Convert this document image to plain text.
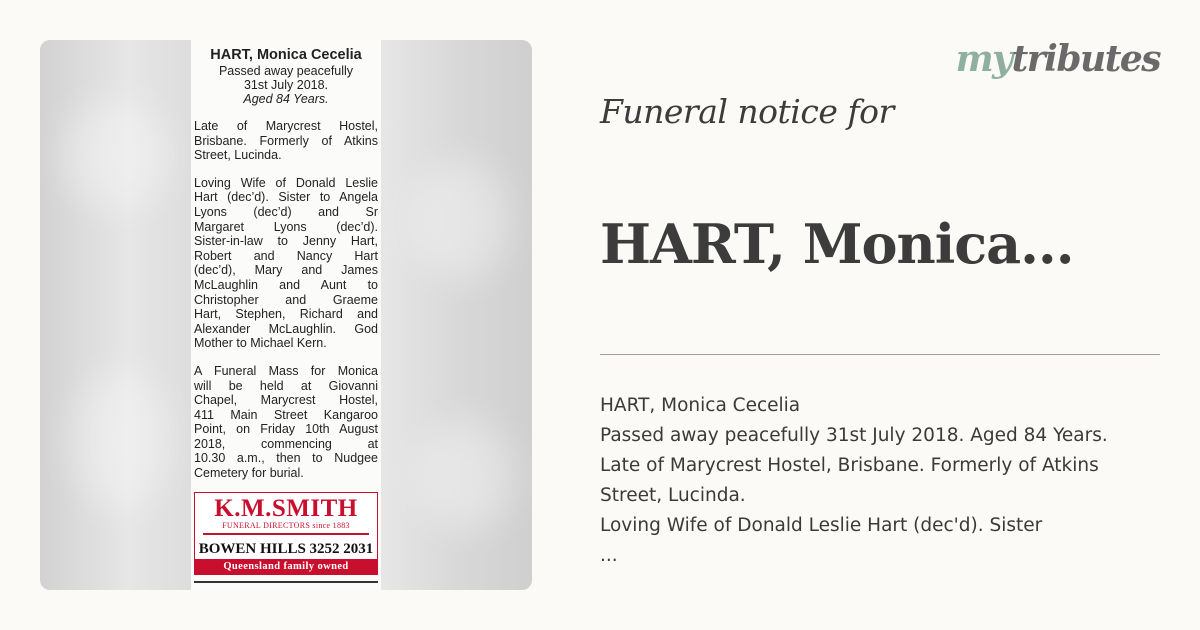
HART, Monica Cecelia
Passed away peacefully
31st July 2018.
Aged 84 Years.
Late of Marycrest Hostel,
Brisbane. Formerly of Atkins
Street, Lucinda.
Loving Wife of Donald Leslie
Hart (dec’d). Sister to Angela
Lyons (dec’d) and Sr
Margaret Lyons (dec’d).
Sister-in-law to Jenny Hart,
Robert and Nancy Hart
(dec’d), Mary and James
McLaughlin and Aunt to
Christopher and Graeme
Hart, Stephen, Richard and
Alexander McLaughlin. God
Mother to Michael Kern.
A Funeral Mass for Monica
will be held at Giovanni
Chapel, Marycrest Hostel,
411 Main Street Kangaroo
Point, on Friday 10th August
2018, commencing at
10.30 a.m., then to Nudgee
Cemetery for burial.
K.M.SMITH
FUNERAL DIRECTORS since 1883
BOWEN HILLS 3252 2031
Queensland family owned
mytributes
Funeral notice for
HART, Monica...
HART, Monica Cecelia
Passed away peacefully 31st July 2018. Aged 84 Years.
Late of Marycrest Hostel, Brisbane. Formerly of Atkins
Street, Lucinda.
Loving Wife of Donald Leslie Hart (dec'd). Sister
...
